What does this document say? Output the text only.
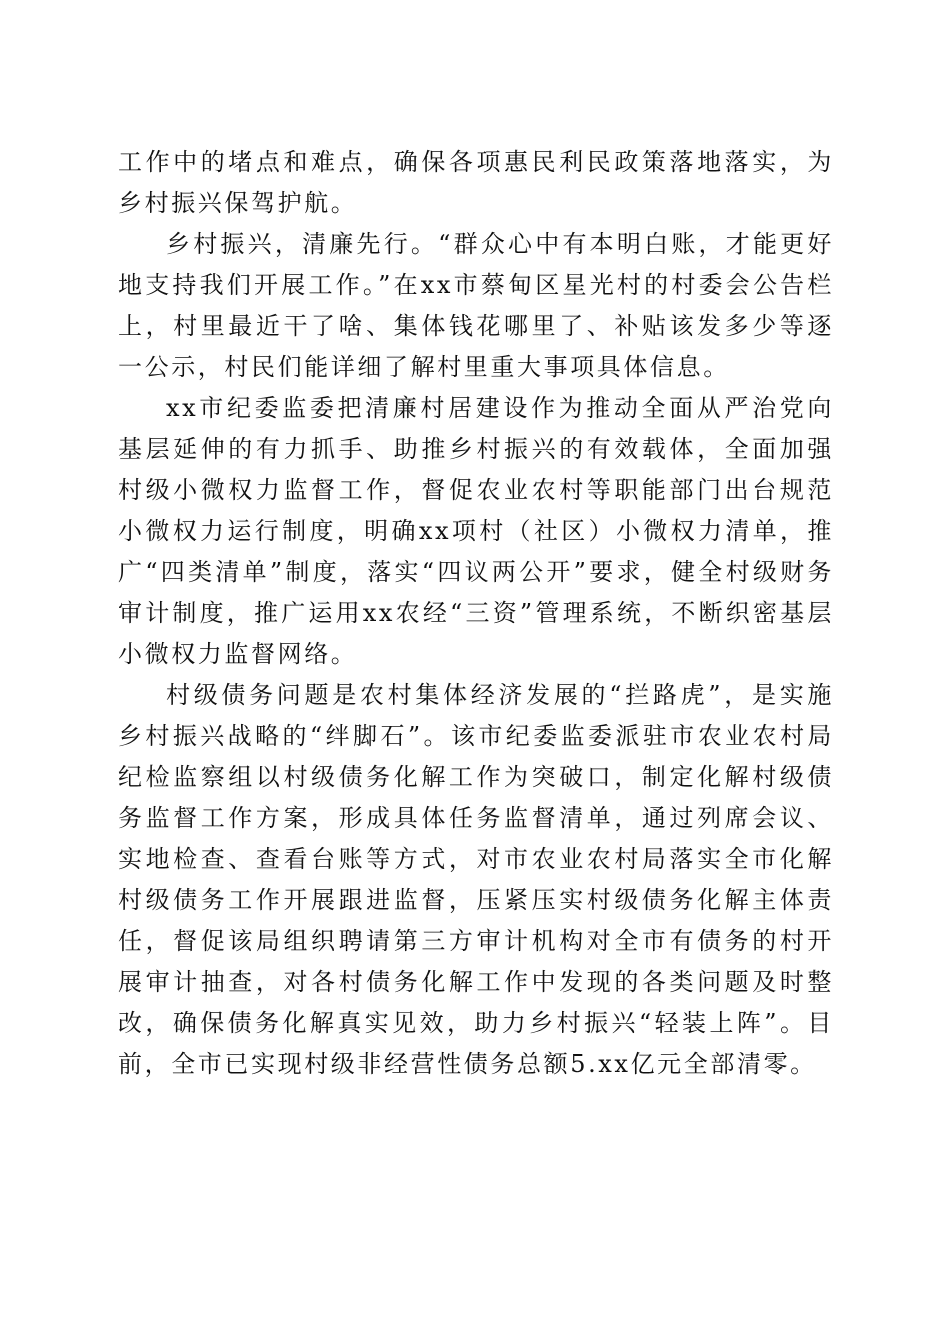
工作中的堵点和难点，确保各项惠民利民政策落地落实，为乡村振兴保驾护航。

乡村振兴，清廉先行。“群众心中有本明白账，才能更好地支持我们开展工作。”在xx市蔡甸区星光村的村委会公告栏上，村里最近干了啥、集体钱花哪里了、补贴该发多少等逐一公示，村民们能详细了解村里重大事项具体信息。

xx市纪委监委把清廉村居建设作为推动全面从严治党向基层延伸的有力抓手、助推乡村振兴的有效载体，全面加强村级小微权力监督工作，督促农业农村等职能部门出台规范小微权力运行制度，明确xx项村（社区）小微权力清单，推广“四类清单”制度，落实“四议两公开”要求，健全村级财务审计制度，推广运用xx农经“三资”管理系统，不断织密基层小微权力监督网络。

村级债务问题是农村集体经济发展的“拦路虎”，是实施乡村振兴战略的“绊脚石”。该市纪委监委派驻市农业农村局纪检监察组以村级债务化解工作为突破口，制定化解村级债务监督工作方案，形成具体任务监督清单，通过列席会议、实地检查、查看台账等方式，对市农业农村局落实全市化解村级债务工作开展跟进监督，压紧压实村级债务化解主体责任，督促该局组织聘请第三方审计机构对全市有债务的村开展审计抽查，对各村债务化解工作中发现的各类问题及时整改，确保债务化解真实见效，助力乡村振兴“轻装上阵”。目前，全市已实现村级非经营性债务总额5.xx亿元全部清零。
